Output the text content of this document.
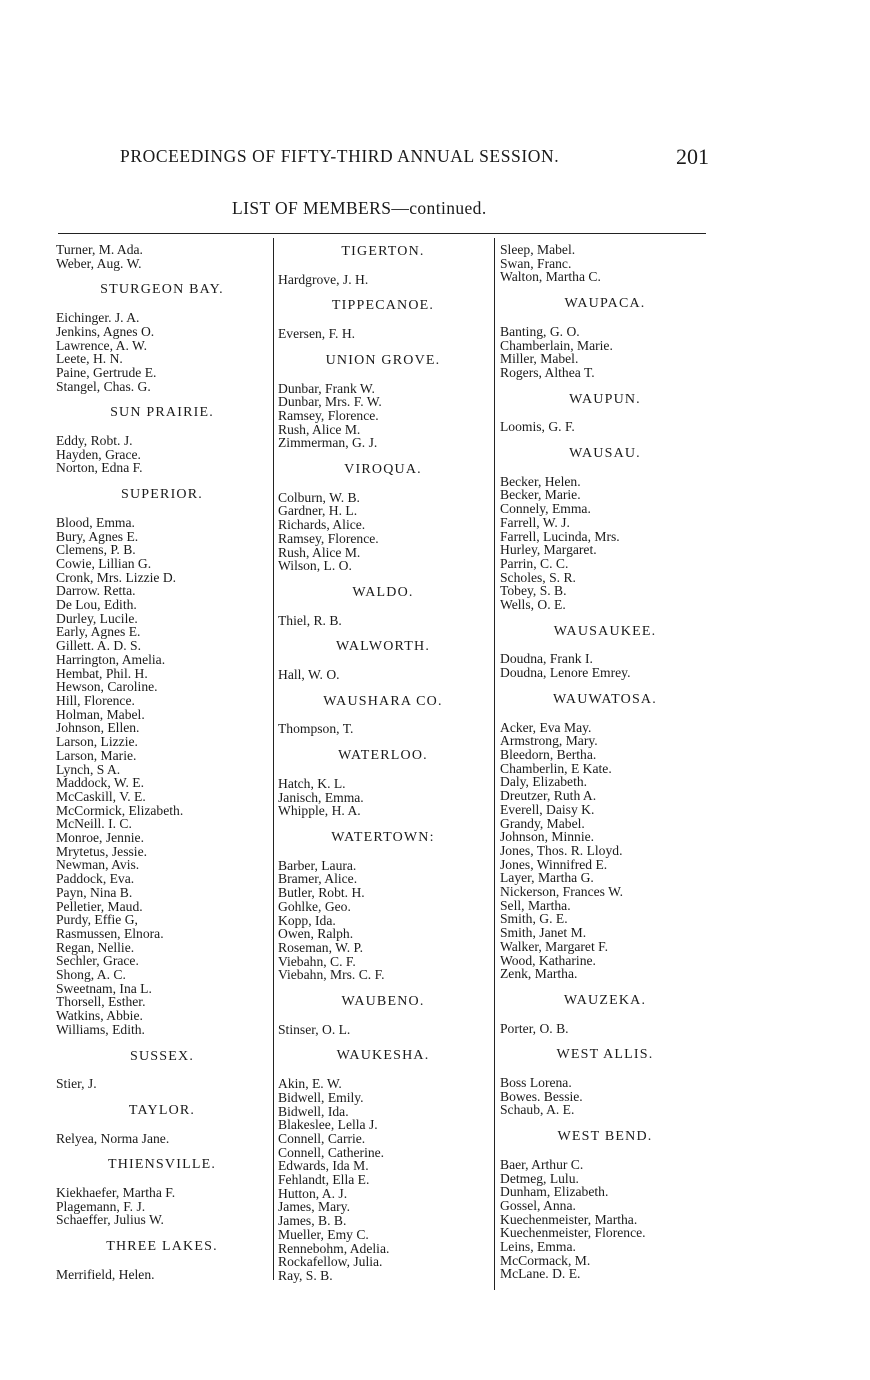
PROCEEDINGS OF FIFTY-THIRD ANNUAL SESSION.	201
LIST OF MEMBERS—continued.
Turner, M. Ada.
Weber, Aug. W.
STURGEON BAY.
Eichinger. J. A.
Jenkins, Agnes O.
Lawrence, A. W.
Leete, H. N.
Paine, Gertrude E.
Stangel, Chas. G.
SUN PRAIRIE.
Eddy, Robt. J.
Hayden, Grace.
Norton, Edna F.
SUPERIOR.
Blood, Emma.
Bury, Agnes E.
Clemens, P. B.
Cowie, Lillian G.
Cronk, Mrs. Lizzie D.
Darrow. Retta.
De Lou, Edith.
Durley, Lucile.
Early, Agnes E.
Gillett. A. D. S.
Harrington, Amelia.
Hembat, Phil. H.
Hewson, Caroline.
Hill, Florence.
Holman, Mabel.
Johnson, Ellen.
Larson, Lizzie.
Larson, Marie.
Lynch, S A.
Maddock, W. E.
McCaskill, V. E.
McCormick, Elizabeth.
McNeill. I. C.
Monroe, Jennie.
Mrytetus, Jessie.
Newman, Avis.
Paddock, Eva.
Payn, Nina B.
Pelletier, Maud.
Purdy, Effie G,
Rasmussen, Elnora.
Regan, Nellie.
Sechler, Grace.
Shong, A. C.
Sweetnam, Ina L.
Thorsell, Esther.
Watkins, Abbie.
Williams, Edith.
SUSSEX.
Stier, J.
TAYLOR.
Relyea, Norma Jane.
THIENSVILLE.
Kiekhaefer, Martha F.
Plagemann, F. J.
Schaeffer, Julius W.
THREE LAKES.
Merrifield, Helen.
TIGERTON.
Hardgrove, J. H.
TIPPECANOE.
Eversen, F. H.
UNION GROVE.
Dunbar, Frank W.
Dunbar, Mrs. F. W.
Ramsey, Florence.
Rush, Alice M.
Zimmerman, G. J.
VIROQUA.
Colburn, W. B.
Gardner, H. L.
Richards, Alice.
Ramsey, Florence.
Rush, Alice M.
Wilson, L. O.
WALDO.
Thiel, R. B.
WALWORTH.
Hall, W. O.
WAUSHARA CO.
Thompson, T.
WATERLOO.
Hatch, K. L.
Janisch, Emma.
Whipple, H. A.
WATERTOWN:
Barber, Laura.
Bramer, Alice.
Butler, Robt. H.
Gohlke, Geo.
Kopp, Ida.
Owen, Ralph.
Roseman, W. P.
Viebahn, C. F.
Viebahn, Mrs. C. F.
WAUBENO.
Stinser, O. L.
WAUKESHA.
Akin, E. W.
Bidwell, Emily.
Bidwell, Ida.
Blakeslee, Lella J.
Connell, Carrie.
Connell, Catherine.
Edwards, Ida M.
Fehlandt, Ella E.
Hutton, A. J.
James, Mary.
James, B. B.
Mueller, Emy C.
Rennebohm, Adelia.
Rockafellow, Julia.
Ray, S. B.
Sleep, Mabel.
Swan, Franc.
Walton, Martha C.
WAUPACA.
Banting, G. O.
Chamberlain, Marie.
Miller, Mabel.
Rogers, Althea T.
WAUPUN.
Loomis, G. F.
WAUSAU.
Becker, Helen.
Becker, Marie.
Connely, Emma.
Farrell, W. J.
Farrell, Lucinda, Mrs.
Hurley, Margaret.
Parrin, C. C.
Scholes, S. R.
Tobey, S. B.
Wells, O. E.
WAUSAUKEE.
Doudna, Frank I.
Doudna, Lenore Emrey.
WAUWATOSA.
Acker, Eva May.
Armstrong, Mary.
Bleedorn, Bertha.
Chamberlin, E Kate.
Daly, Elizabeth.
Dreutzer, Ruth A.
Everell, Daisy K.
Grandy, Mabel.
Johnson, Minnie.
Jones, Thos. R. Lloyd.
Jones, Winnifred E.
Layer, Martha G.
Nickerson, Frances W.
Sell, Martha.
Smith, G. E.
Smith, Janet M.
Walker, Margaret F.
Wood, Katharine.
Zenk, Martha.
WAUZEKA.
Porter, O. B.
WEST ALLIS.
Boss Lorena.
Bowes. Bessie.
Schaub, A. E.
WEST BEND.
Baer, Arthur C.
Detmeg, Lulu.
Dunham, Elizabeth.
Gossel, Anna.
Kuechenmeister, Martha.
Kuechenmeister, Florence.
Leins, Emma.
McCormack, M.
McLane. D. E.
